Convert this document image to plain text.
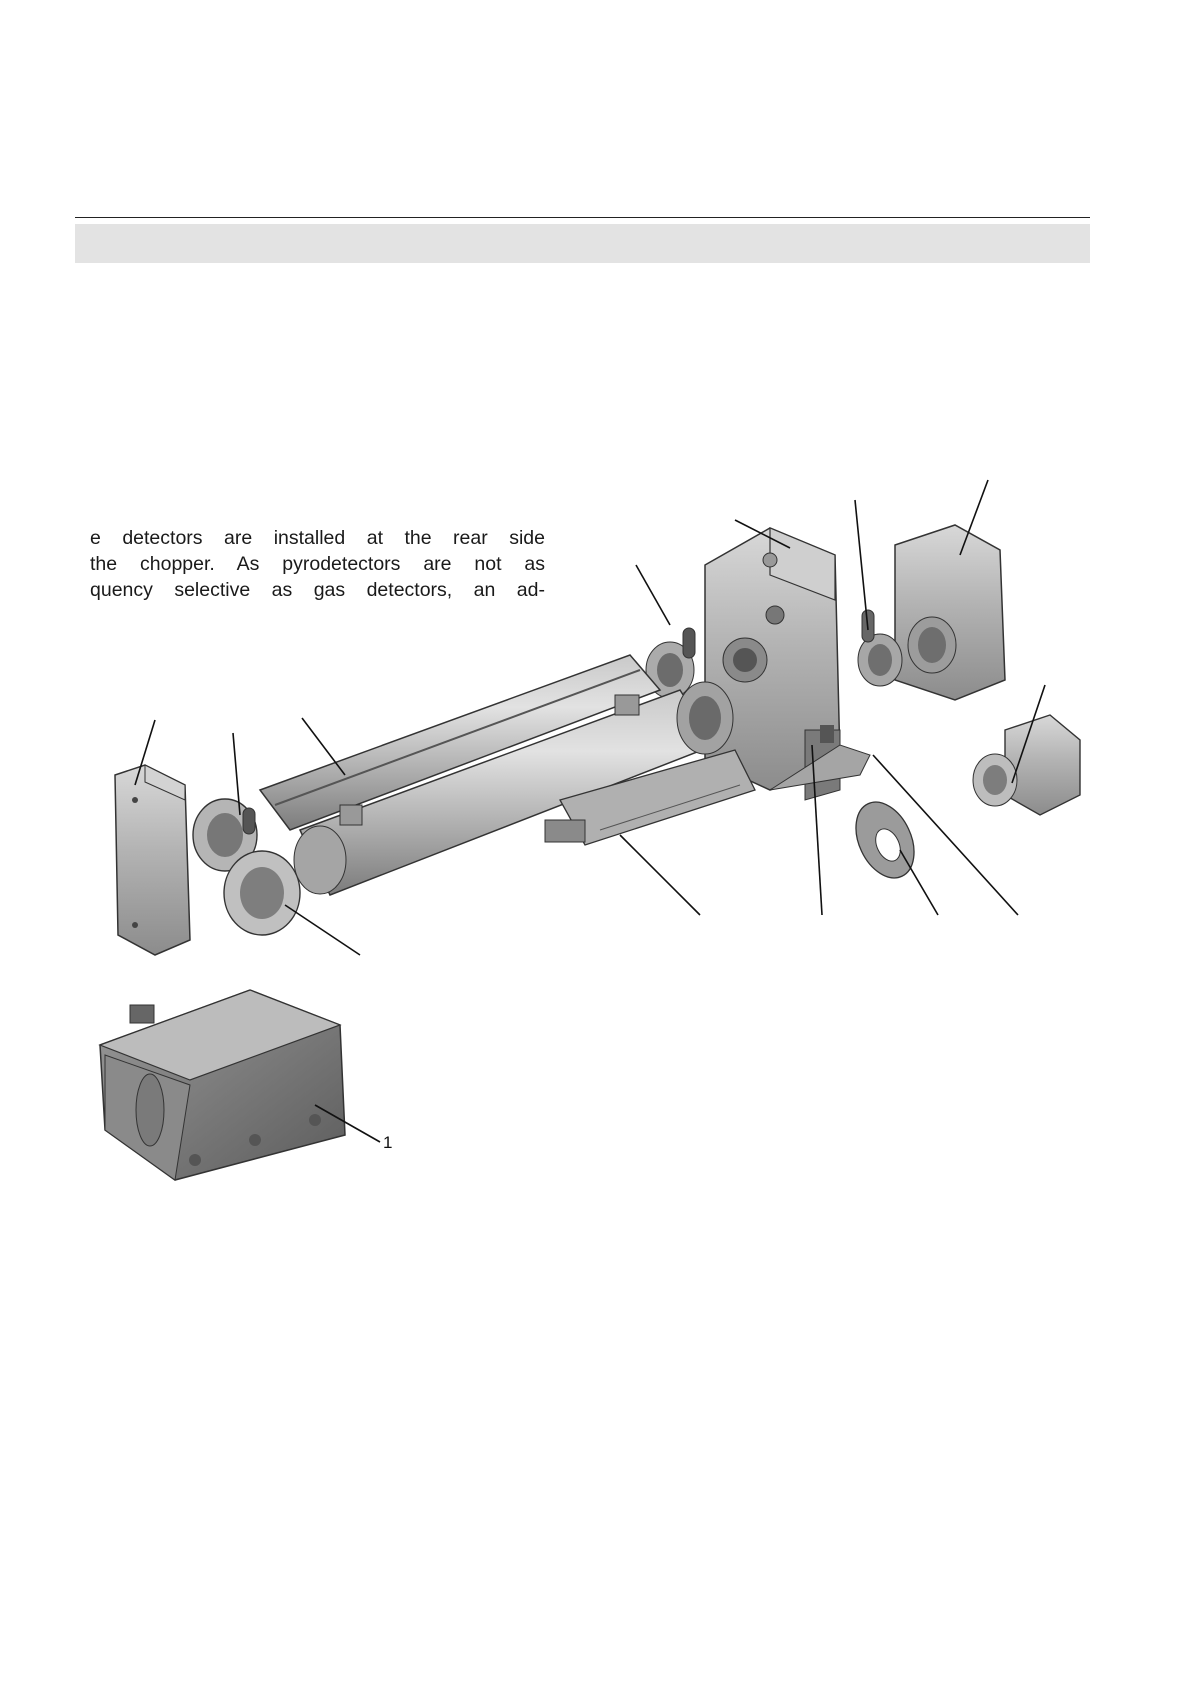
e detectors are installed at the rear side
the chopper. As pyrodetectors are not as
quency selective as gas detectors, an ad-
1
